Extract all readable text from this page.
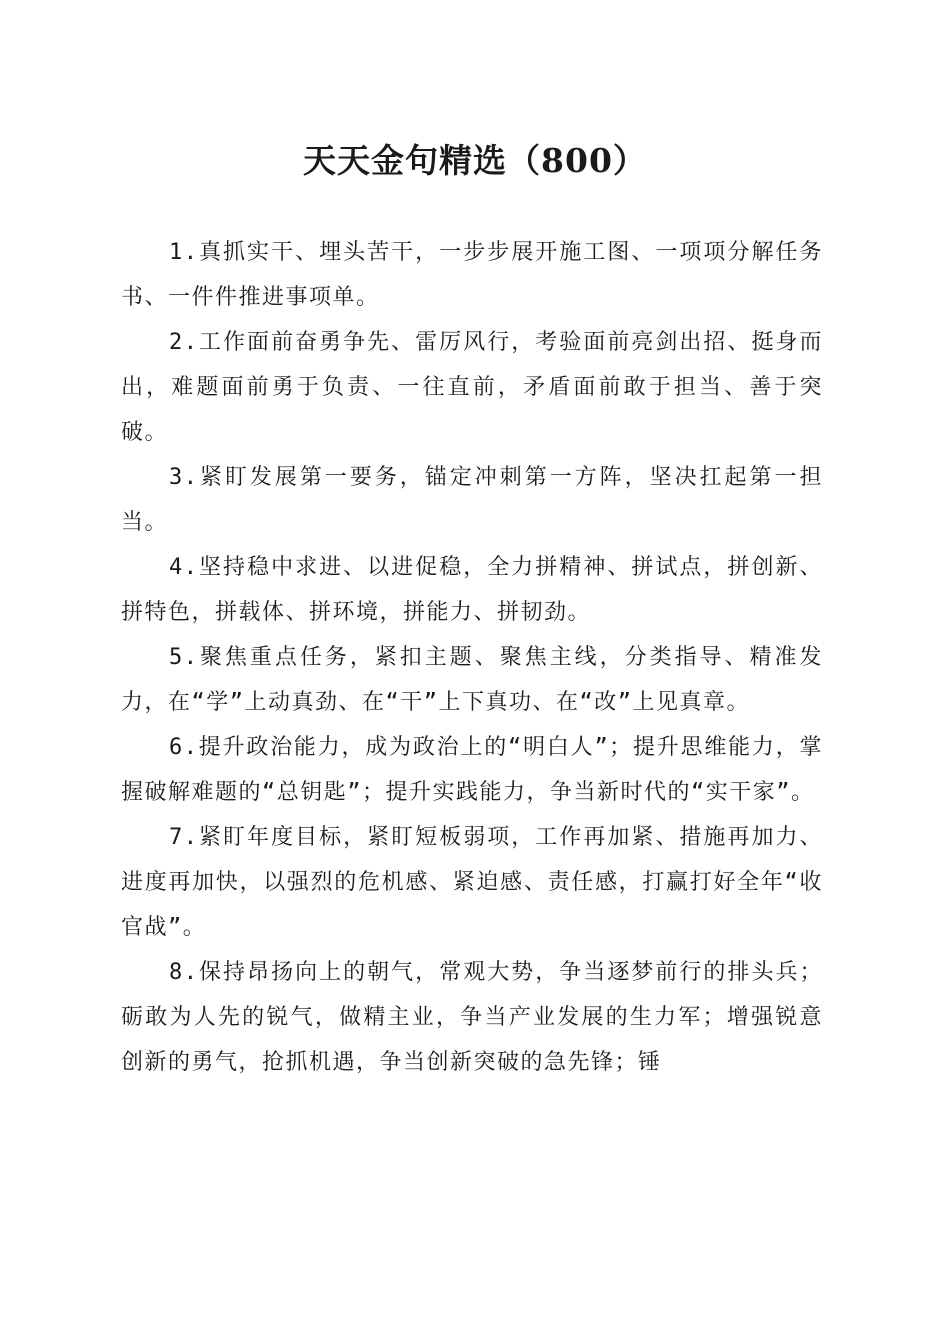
天天金句精选（800）

1.真抓实干、埋头苦干，一步步展开施工图、一项项分解任务书、一件件推进事项单。

2.工作面前奋勇争先、雷厉风行，考验面前亮剑出招、挺身而出，难题面前勇于负责、一往直前，矛盾面前敢于担当、善于突破。

3.紧盯发展第一要务，锚定冲刺第一方阵，坚决扛起第一担当。

4.坚持稳中求进、以进促稳，全力拼精神、拼试点，拼创新、拼特色，拼载体、拼环境，拼能力、拼韧劲。

5.聚焦重点任务，紧扣主题、聚焦主线，分类指导、精准发力，在“学”上动真劲、在“干”上下真功、在“改”上见真章。

6.提升政治能力，成为政治上的“明白人”；提升思维能力，掌握破解难题的“总钥匙”；提升实践能力，争当新时代的“实干家”。

7.紧盯年度目标，紧盯短板弱项，工作再加紧、措施再加力、进度再加快，以强烈的危机感、紧迫感、责任感，打赢打好全年“收官战”。

8.保持昂扬向上的朝气，常观大势，争当逐梦前行的排头兵；砺敢为人先的锐气，做精主业，争当产业发展的生力军；增强锐意创新的勇气，抢抓机遇，争当创新突破的急先锋；锤
